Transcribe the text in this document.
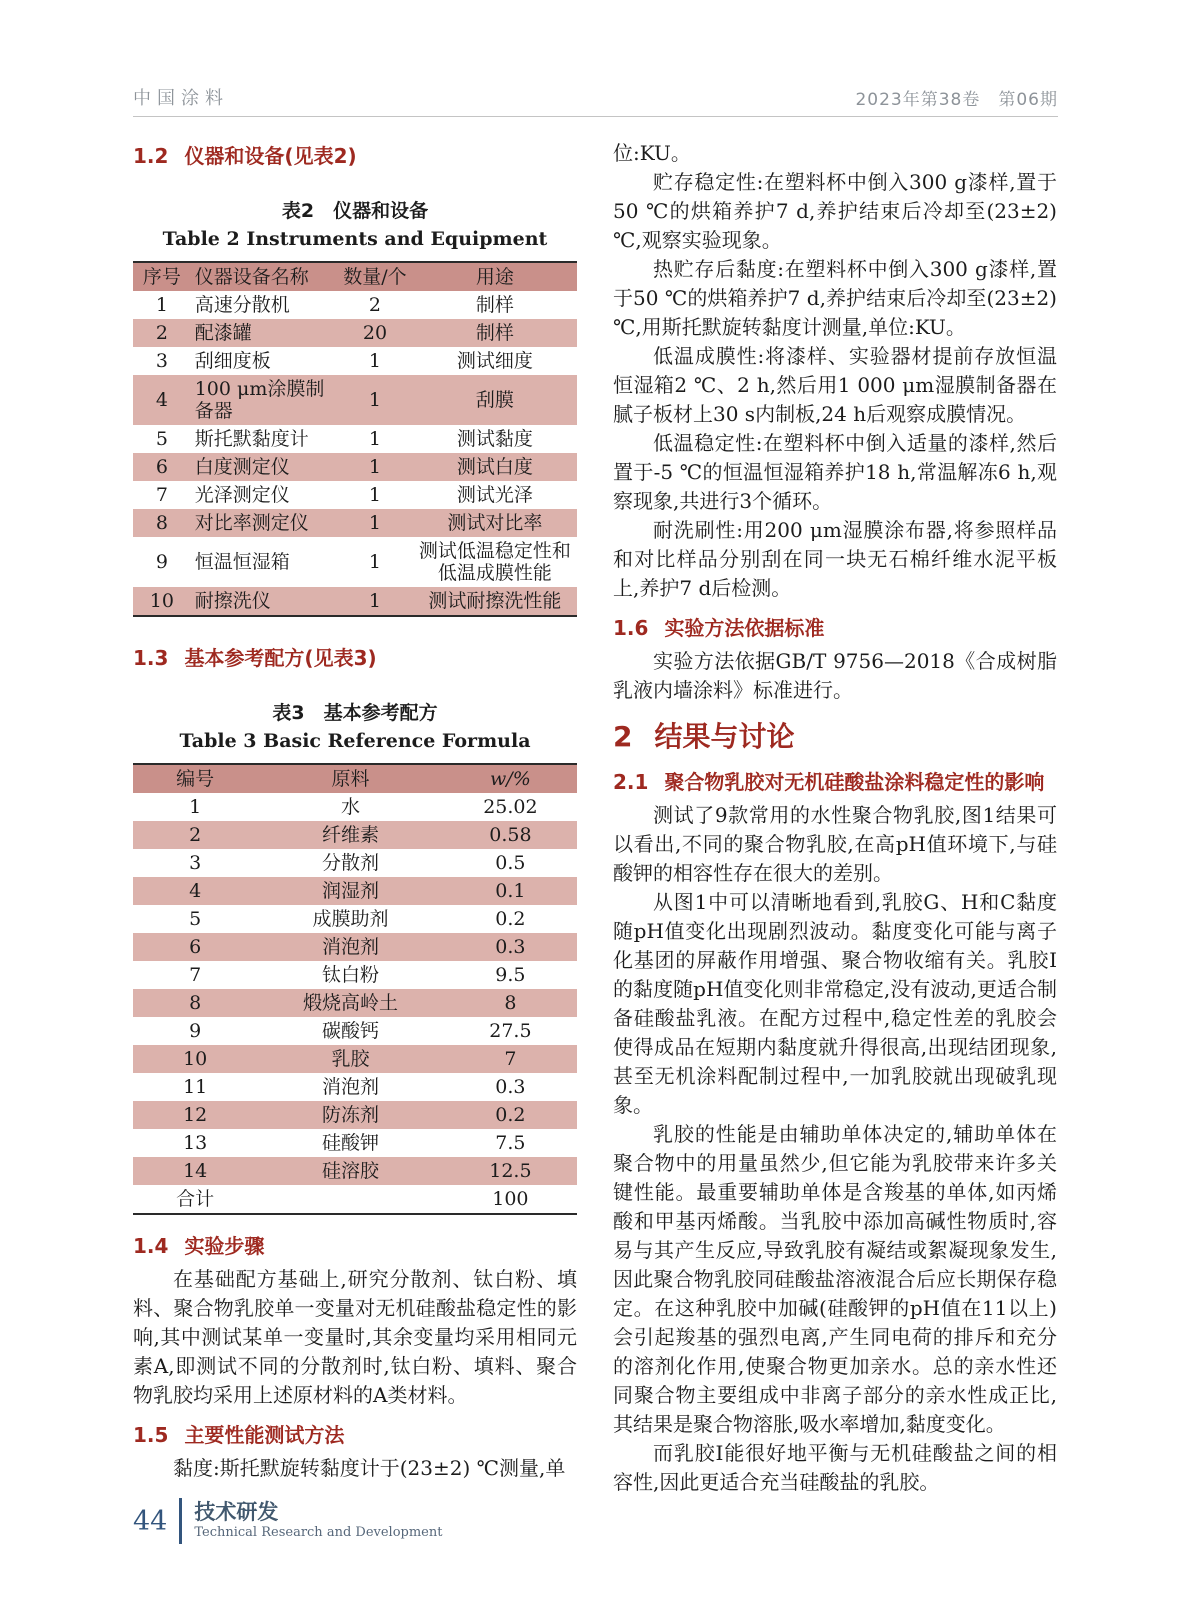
中国涂料	2023年第38卷　第06期
1.2 仪器和设备(见表2)
表2　仪器和设备
Table 2 Instruments and Equipment
序号	仪器设备名称	数量/个	用途
1	高速分散机	2	制样
2	配漆罐	20	制样
3	刮细度板	1	测试细度
4	100 μm涂膜制备器	1	刮膜
5	斯托默黏度计	1	测试黏度
6	白度测定仪	1	测试白度
7	光泽测定仪	1	测试光泽
8	对比率测定仪	1	测试对比率
9	恒温恒湿箱	1	测试低温稳定性和低温成膜性能
10	耐擦洗仪	1	测试耐擦洗性能
1.3 基本参考配方(见表3)
表3　基本参考配方
Table 3 Basic Reference Formula
编号	原料	w/%
1	水	25.02
2	纤维素	0.58
3	分散剂	0.5
4	润湿剂	0.1
5	成膜助剂	0.2
6	消泡剂	0.3
7	钛白粉	9.5
8	煅烧高岭土	8
9	碳酸钙	27.5
10	乳胶	7
11	消泡剂	0.3
12	防冻剂	0.2
13	硅酸钾	7.5
14	硅溶胶	12.5
合计		100
1.4 实验步骤

在基础配方基础上,研究分散剂、钛白粉、填料、聚合物乳胶单一变量对无机硅酸盐稳定性的影响,其中测试某单一变量时,其余变量均采用相同元素A,即测试不同的分散剂时,钛白粉、填料、聚合物乳胶均采用上述原材料的A类材料。

1.5 主要性能测试方法

黏度:斯托默旋转黏度计于(23±2) ℃测量,单

位:KU。

贮存稳定性:在塑料杯中倒入300 g漆样,置于50 ℃的烘箱养护7 d,养护结束后冷却至(23±2) ℃,观察实验现象。

热贮存后黏度:在塑料杯中倒入300 g漆样,置于50 ℃的烘箱养护7 d,养护结束后冷却至(23±2) ℃,用斯托默旋转黏度计测量,单位:KU。

低温成膜性:将漆样、实验器材提前存放恒温恒湿箱2 ℃、2 h,然后用1 000 μm湿膜制备器在腻子板材上30 s内制板,24 h后观察成膜情况。

低温稳定性:在塑料杯中倒入适量的漆样,然后置于-5 ℃的恒温恒湿箱养护18 h,常温解冻6 h,观察现象,共进行3个循环。

耐洗刷性:用200 μm湿膜涂布器,将参照样品和对比样品分别刮在同一块无石棉纤维水泥平板上,养护7 d后检测。

1.6 实验方法依据标准

实验方法依据GB/T 9756—2018《合成树脂乳液内墙涂料》标准进行。

2 结果与讨论
2.1 聚合物乳胶对无机硅酸盐涂料稳定性的影响

测试了9款常用的水性聚合物乳胶,图1结果可以看出,不同的聚合物乳胶,在高pH值环境下,与硅酸钾的相容性存在很大的差别。

从图1中可以清晰地看到,乳胶G、H和C黏度随pH值变化出现剧烈波动。黏度变化可能与离子化基团的屏蔽作用增强、聚合物收缩有关。乳胶I的黏度随pH值变化则非常稳定,没有波动,更适合制备硅酸盐乳液。在配方过程中,稳定性差的乳胶会使得成品在短期内黏度就升得很高,出现结团现象,甚至无机涂料配制过程中,一加乳胶就出现破乳现象。

乳胶的性能是由辅助单体决定的,辅助单体在聚合物中的用量虽然少,但它能为乳胶带来许多关键性能。最重要辅助单体是含羧基的单体,如丙烯酸和甲基丙烯酸。当乳胶中添加高碱性物质时,容易与其产生反应,导致乳胶有凝结或絮凝现象发生,因此聚合物乳胶同硅酸盐溶液混合后应长期保存稳定。在这种乳胶中加碱(硅酸钾的pH值在11以上)会引起羧基的强烈电离,产生同电荷的排斥和充分的溶剂化作用,使聚合物更加亲水。总的亲水性还同聚合物主要组成中非离子部分的亲水性成正比,其结果是聚合物溶胀,吸水率增加,黏度变化。

而乳胶I能很好地平衡与无机硅酸盐之间的相容性,因此更适合充当硅酸盐的乳胶。

44 技术研发
Technical Research and Development
